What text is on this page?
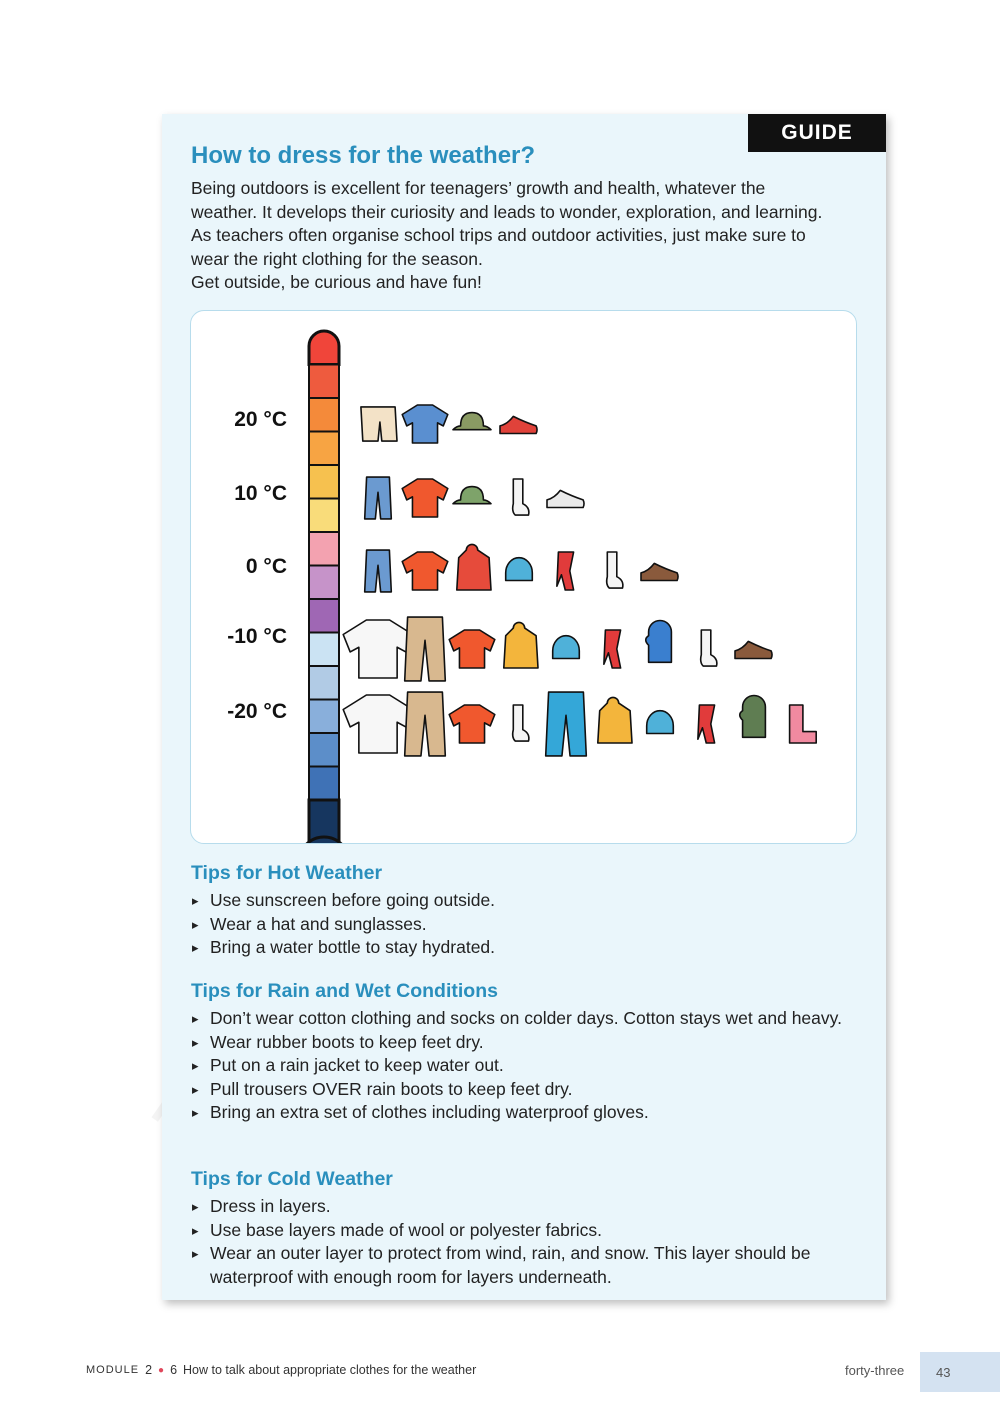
GUIDE
How to dress for the weather?

Being outdoors is excellent for teenagers’ growth and health, whatever the

weather. It develops their curiosity and leads to wonder, exploration, and learning.

As teachers often organise school trips and outdoor activities, just make sure to

wear the right clothing for the season.

Get outside, be curious and have fun!

20 °C
10 °C
0 °C
-10 °C
-20 °C
Tips for Hot Weather
▸ Use sunscreen before going outside.
▸ Wear a hat and sunglasses.
▸ Bring a water bottle to stay hydrated.
Tips for Rain and Wet Conditions
▸ Don’t wear cotton clothing and socks on colder days. Cotton stays wet and heavy.
▸ Wear rubber boots to keep feet dry.
▸ Put on a rain jacket to keep water out.
▸ Pull trousers OVER rain boots to keep feet dry.
▸ Bring an extra set of clothes including waterproof gloves.
Tips for Cold Weather
▸ Dress in layers.
▸ Use base layers made of wool or polyester fabrics.
▸ Wear an outer layer to protect from wind, rain, and snow. This layer should be waterproof with enough room for layers underneath.
MODULE 2 ● 6 How to talk about appropriate clothes for the weather	forty-three	43
